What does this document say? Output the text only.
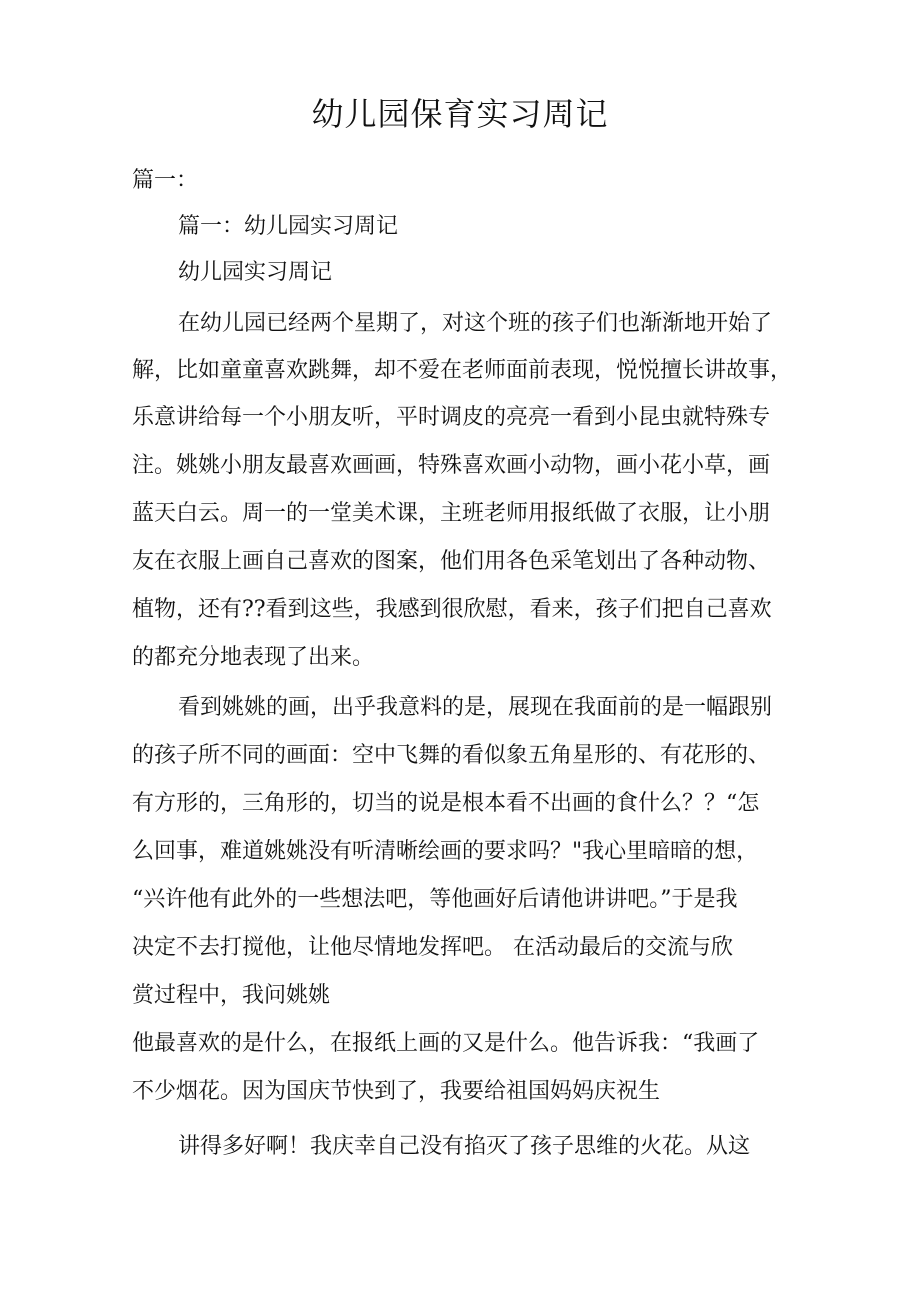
幼儿园保育实习周记
篇一：
篇一：幼儿园实习周记
幼儿园实习周记
在幼儿园已经两个星期了，对这个班的孩子们也渐渐地开始了
解，比如童童喜欢跳舞，却不爱在老师面前表现，悦悦擅长讲故事，
乐意讲给每一个小朋友听，平时调皮的亮亮一看到小昆虫就特殊专
注。姚姚小朋友最喜欢画画，特殊喜欢画小动物，画小花小草，画
蓝天白云。周一的一堂美术课，主班老师用报纸做了衣服，让小朋
友在衣服上画自己喜欢的图案，他们用各色采笔划出了各种动物、
植物，还有??看到这些，我感到很欣慰，看来，孩子们把自己喜欢
的都充分地表现了出来。
看到姚姚的画，出乎我意料的是，展现在我面前的是一幅跟别
的孩子所不同的画面：空中飞舞的看似象五角星形的、有花形的、
有方形的，三角形的，切当的说是根本看不出画的食什么？？“怎
么回事，难道姚姚没有听清晰绘画的要求吗？"我心里暗暗的想，
“兴许他有此外的一些想法吧，等他画好后请他讲讲吧。”于是我
决定不去打搅他，让他尽情地发挥吧。 在活动最后的交流与欣
赏过程中，我问姚姚
他最喜欢的是什么，在报纸上画的又是什么。他告诉我：“我画了
不少烟花。因为国庆节快到了，我要给祖国妈妈庆祝生
讲得多好啊！我庆幸自己没有掐灭了孩子思维的火花。从这
